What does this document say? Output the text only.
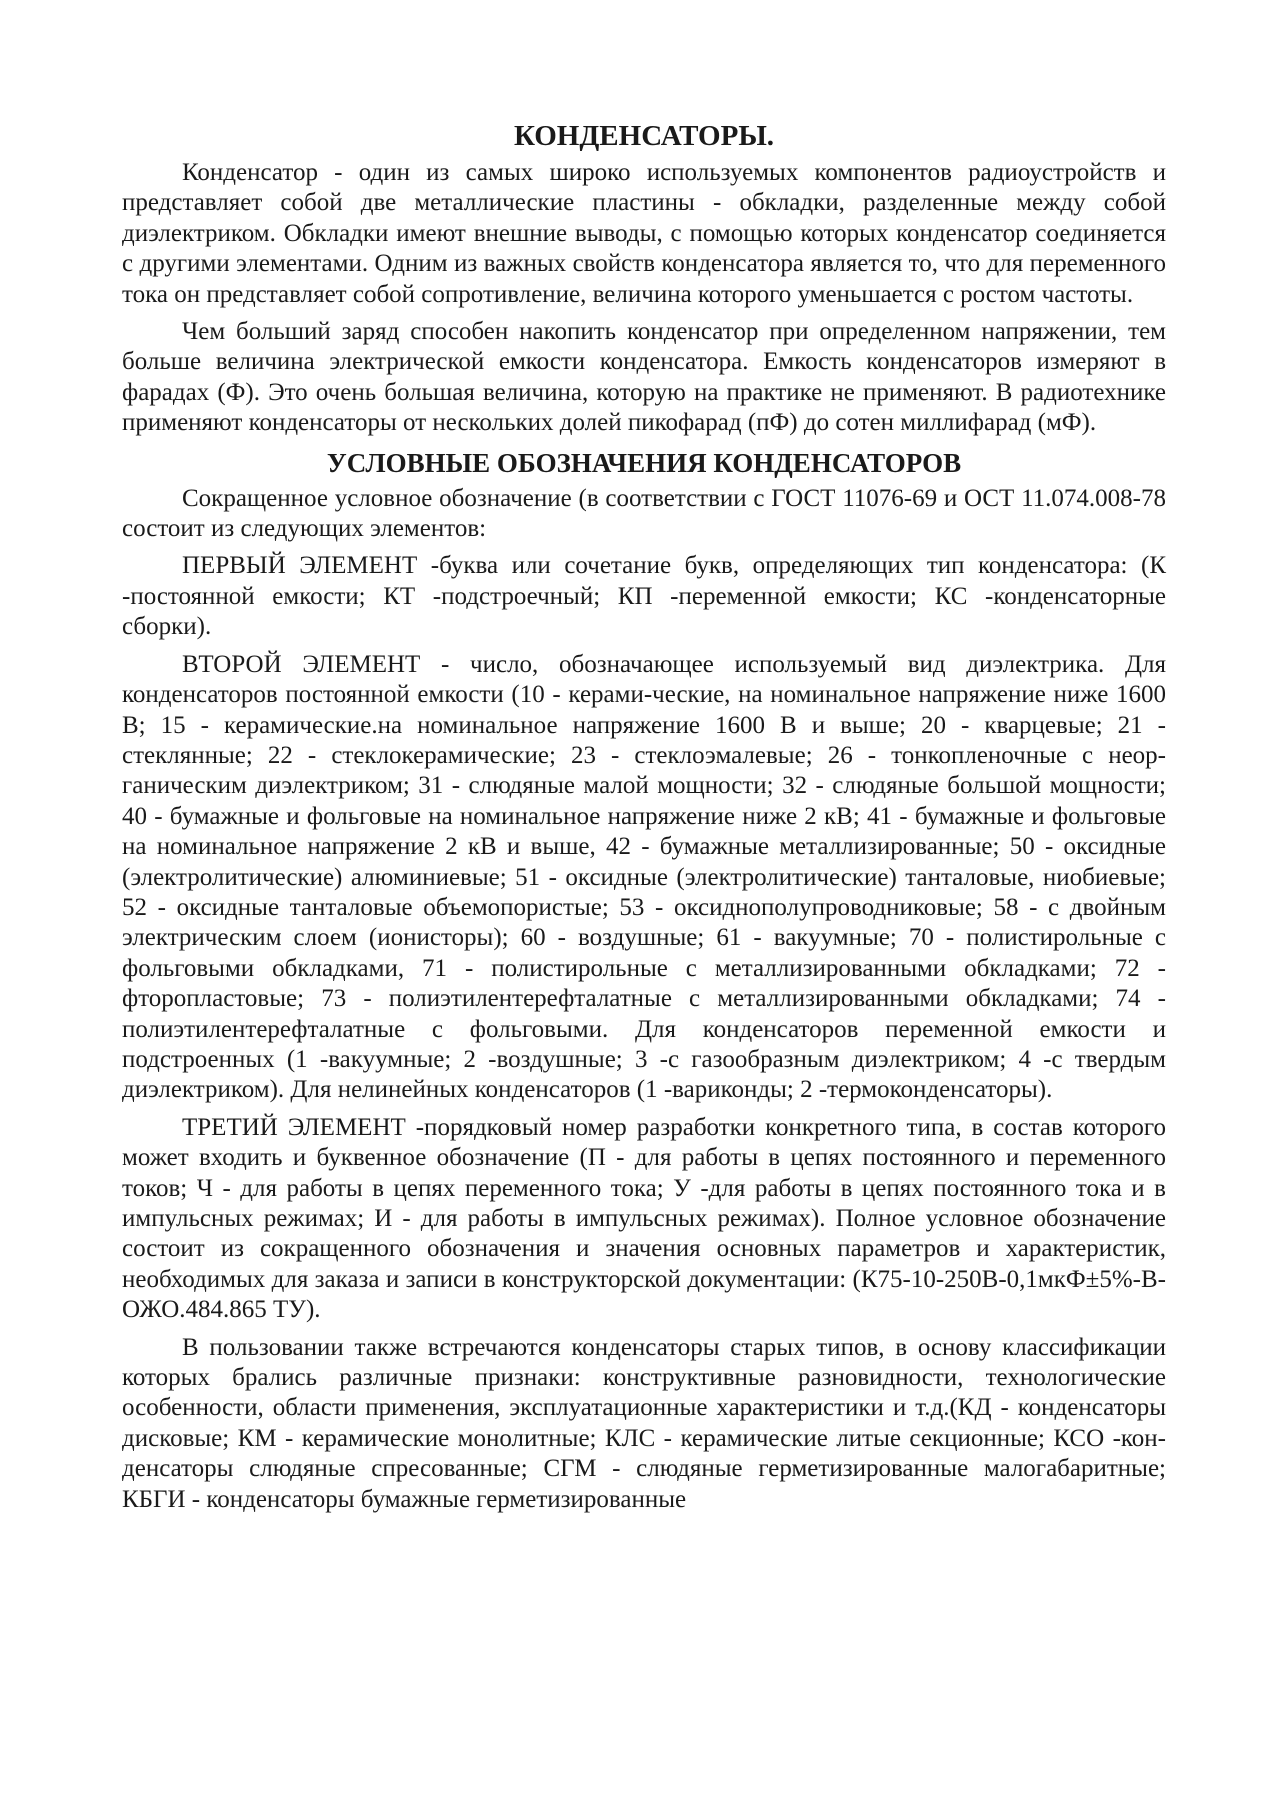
КОНДЕНСАТОРЫ.

Конденсатор - один из самых широко используемых компонентов радиоустройств и представляет собой две металлические пластины - обкладки, разделенные между собой диэлектриком. Обкладки имеют внешние выводы, с помощью которых конденсатор соединяется с другими элементами. Одним из важных свойств конденсатора является то, что для переменного тока он представляет собой сопротивление, величина которого уменьшается с ростом частоты.

Чем больший заряд способен накопить конденсатор при определенном напряжении, тем больше величина электрической емкости конденсатора. Емкость конденсаторов измеряют в фарадах (Ф). Это очень большая величина, которую на практике не применяют. В радиотехнике применяют конденсаторы от нескольких долей пикофарад (пФ) до сотен миллифарад (мФ).

УСЛОВНЫЕ ОБОЗНАЧЕНИЯ КОНДЕНСАТОРОВ

Сокращенное условное обозначение (в соответствии с ГОСТ 11076-69 и ОСТ 11.074.008-78 состоит из следующих элементов:

ПЕРВЫЙ ЭЛЕМЕНТ -буква или сочетание букв, определяющих тип конденсатора: (К -постоянной емкости; КТ -подстроечный; КП -переменной емкости; КС -конденсаторные сборки).

ВТОРОЙ ЭЛЕМЕНТ - число, обозначающее используемый вид диэлектрика. Для конденсаторов постоянной емкости (10 - керами-ческие, на номинальное напряжение ниже 1600 В; 15 - керамические.на номинальное напряжение 1600 В и выше; 20 - кварцевые; 21 - стеклянные; 22 - стеклокерамические; 23 - стеклоэмалевые; 26 - тонкопленочные с неор-ганическим диэлектриком; 31 - слюдяные малой мощности; 32 - слюдяные большой мощности; 40 - бумажные и фольговые на номинальное напряжение ниже 2 кВ; 41 - бумажные и фольговые на номинальное напряжение 2 кВ и выше, 42 - бумажные металлизированные; 50 - оксидные (электролитические) алюминиевые; 51 - оксидные (электролитические) танталовые, ниобиевые; 52 - оксидные танталовые объемопористые; 53 - оксиднополупроводниковые; 58 - с двойным электрическим слоем (ионисторы); 60 - воздушные; 61 - вакуумные; 70 - полистирольные с фольговыми обкладками, 71 - полистирольные с металлизированными обкладками; 72 - фторопластовые; 73 - полиэтилентерефталатные с металлизированными обкладками; 74 - полиэтилентерефталатные с фольговыми. Для конденсаторов переменной емкости и подстроенных (1 -вакуумные; 2 -воздушные; 3 -с газообразным диэлектриком; 4 -с твердым диэлектриком). Для нелинейных конденсаторов (1 -вариконды; 2 -термоконденсаторы).

ТРЕТИЙ ЭЛЕМЕНТ -порядковый номер разработки конкретного типа, в состав которого может входить и буквенное обозначение (П - для работы в цепях постоянного и переменного токов; Ч - для работы в цепях переменного тока; У -для работы в цепях постоянного тока и в импульсных режимах; И - для работы в импульсных режимах). Полное условное обозначение состоит из сокращенного обозначения и значения основных параметров и характеристик, необходимых для заказа и записи в конструкторской документации: (К75-10-250В-0,1мкФ±5%-В-ОЖО.484.865 ТУ).

В пользовании также встречаются конденсаторы старых типов, в основу классификации которых брались различные признаки: конструктивные разновидности, технологические особенности, области применения, эксплуатационные характеристики и т.д.(КД - конденсаторы дисковые; КМ - керамические монолитные; КЛС - керамические литые секционные; КСО -кон-денсаторы слюдяные спресованные; СГМ - слюдяные герметизированные малогабаритные; КБГИ - конденсаторы бумажные герметизированные
